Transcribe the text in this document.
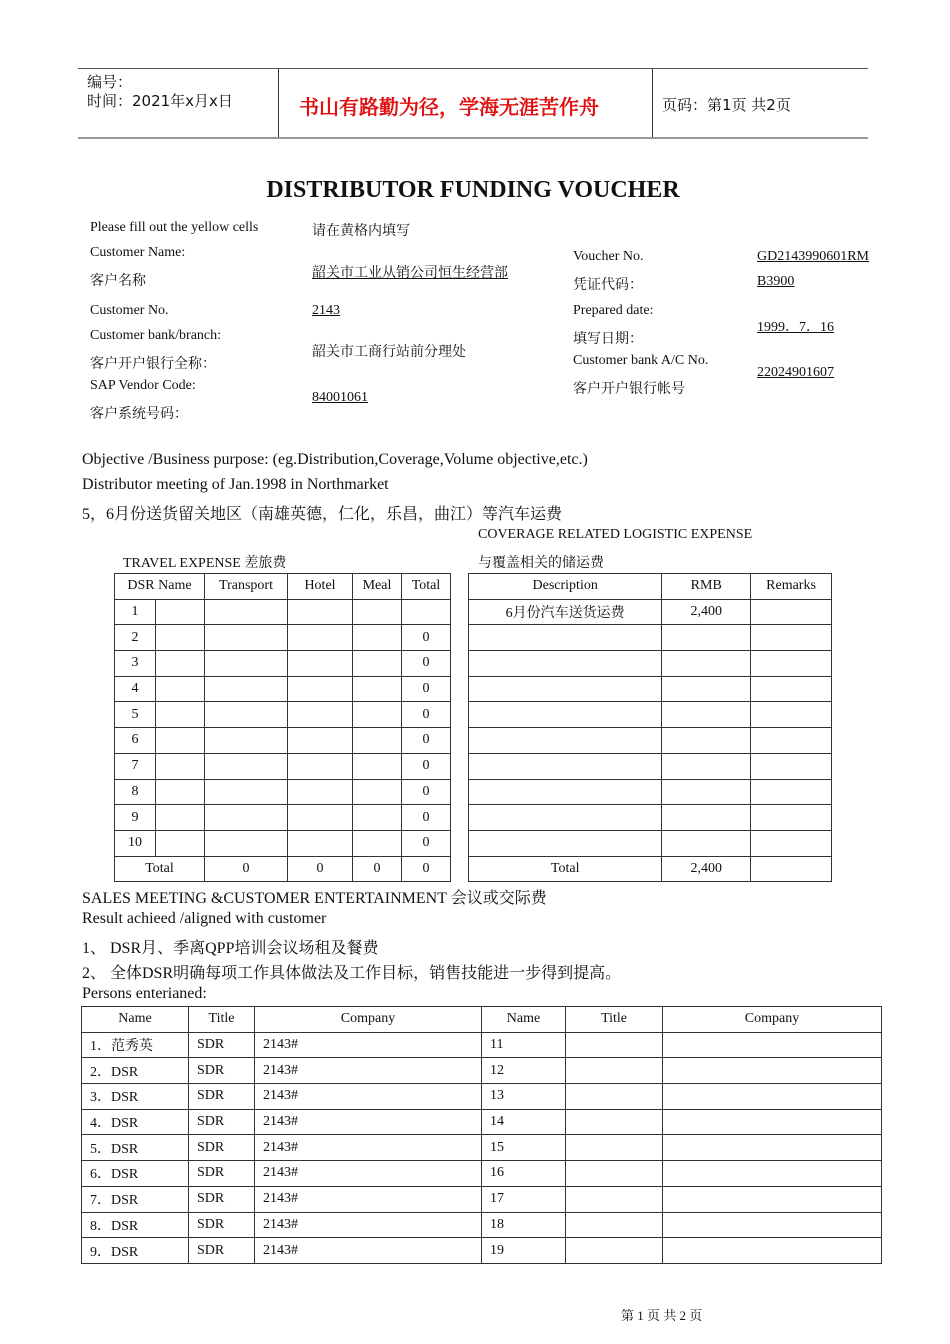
编号：
时间：2021年x月x日	书山有路勤为径，学海无涯苦作舟	页码：第1页 共2页
DISTRIBUTOR FUNDING VOUCHER
Please fill out the yellow cells	请在黄格内填写
Customer Name:
客户名称
韶关市工业从销公司恒生经营部
Customer No.	2143
Customer bank/branch:
客户开户银行全称：
韶关市工商行站前分理处
SAP Vendor Code:
客户系统号码：
84001061
Voucher No.
凭证代码：
GD2143990601RM
B3900
Prepared date:
填写日期：
1999．7．16
Customer bank A/C No.
客户开户银行帐号
22024901607
Objective /Business purpose: (eg.Distribution,Coverage,Volume objective,etc.)
Distributor meeting of Jan.1998 in Northmarket
5，6月份送货留关地区（南雄英德，仁化，乐昌，曲江）等汽车运费
COVERAGE RELATED LOGISTIC EXPENSE
与覆盖相关的储运费
TRAVEL EXPENSE 差旅费
DSR Name		Transport	Hotel	Meal	Total
1					
2					0
3					0
4					0
5					0
6					0
7					0
8					0
9					0
10					0
Total		0	0	0	0
Description	RMB	Remarks
6月份汽车送货运费	2,400	

Total	2,400	
SALES MEETING &CUSTOMER ENTERTAINMENT 会议或交际费
Result achieed /aligned with customer
1、 DSR月、季离QPP培训会议场租及餐费
2、 全体DSR明确每项工作具体做法及工作目标，销售技能进一步得到提高。
Persons enterianed:
Name	Title	Company	Name	Title	Company
1．范秀英	SDR	2143#	11		
2．DSR	SDR	2143#	12		
3．DSR	SDR	2143#	13		
4．DSR	SDR	2143#	14		
5．DSR	SDR	2143#	15		
6．DSR	SDR	2143#	16		
7．DSR	SDR	2143#	17		
8．DSR	SDR	2143#	18		
9．DSR	SDR	2143#	19		
第 1 页 共 2 页
